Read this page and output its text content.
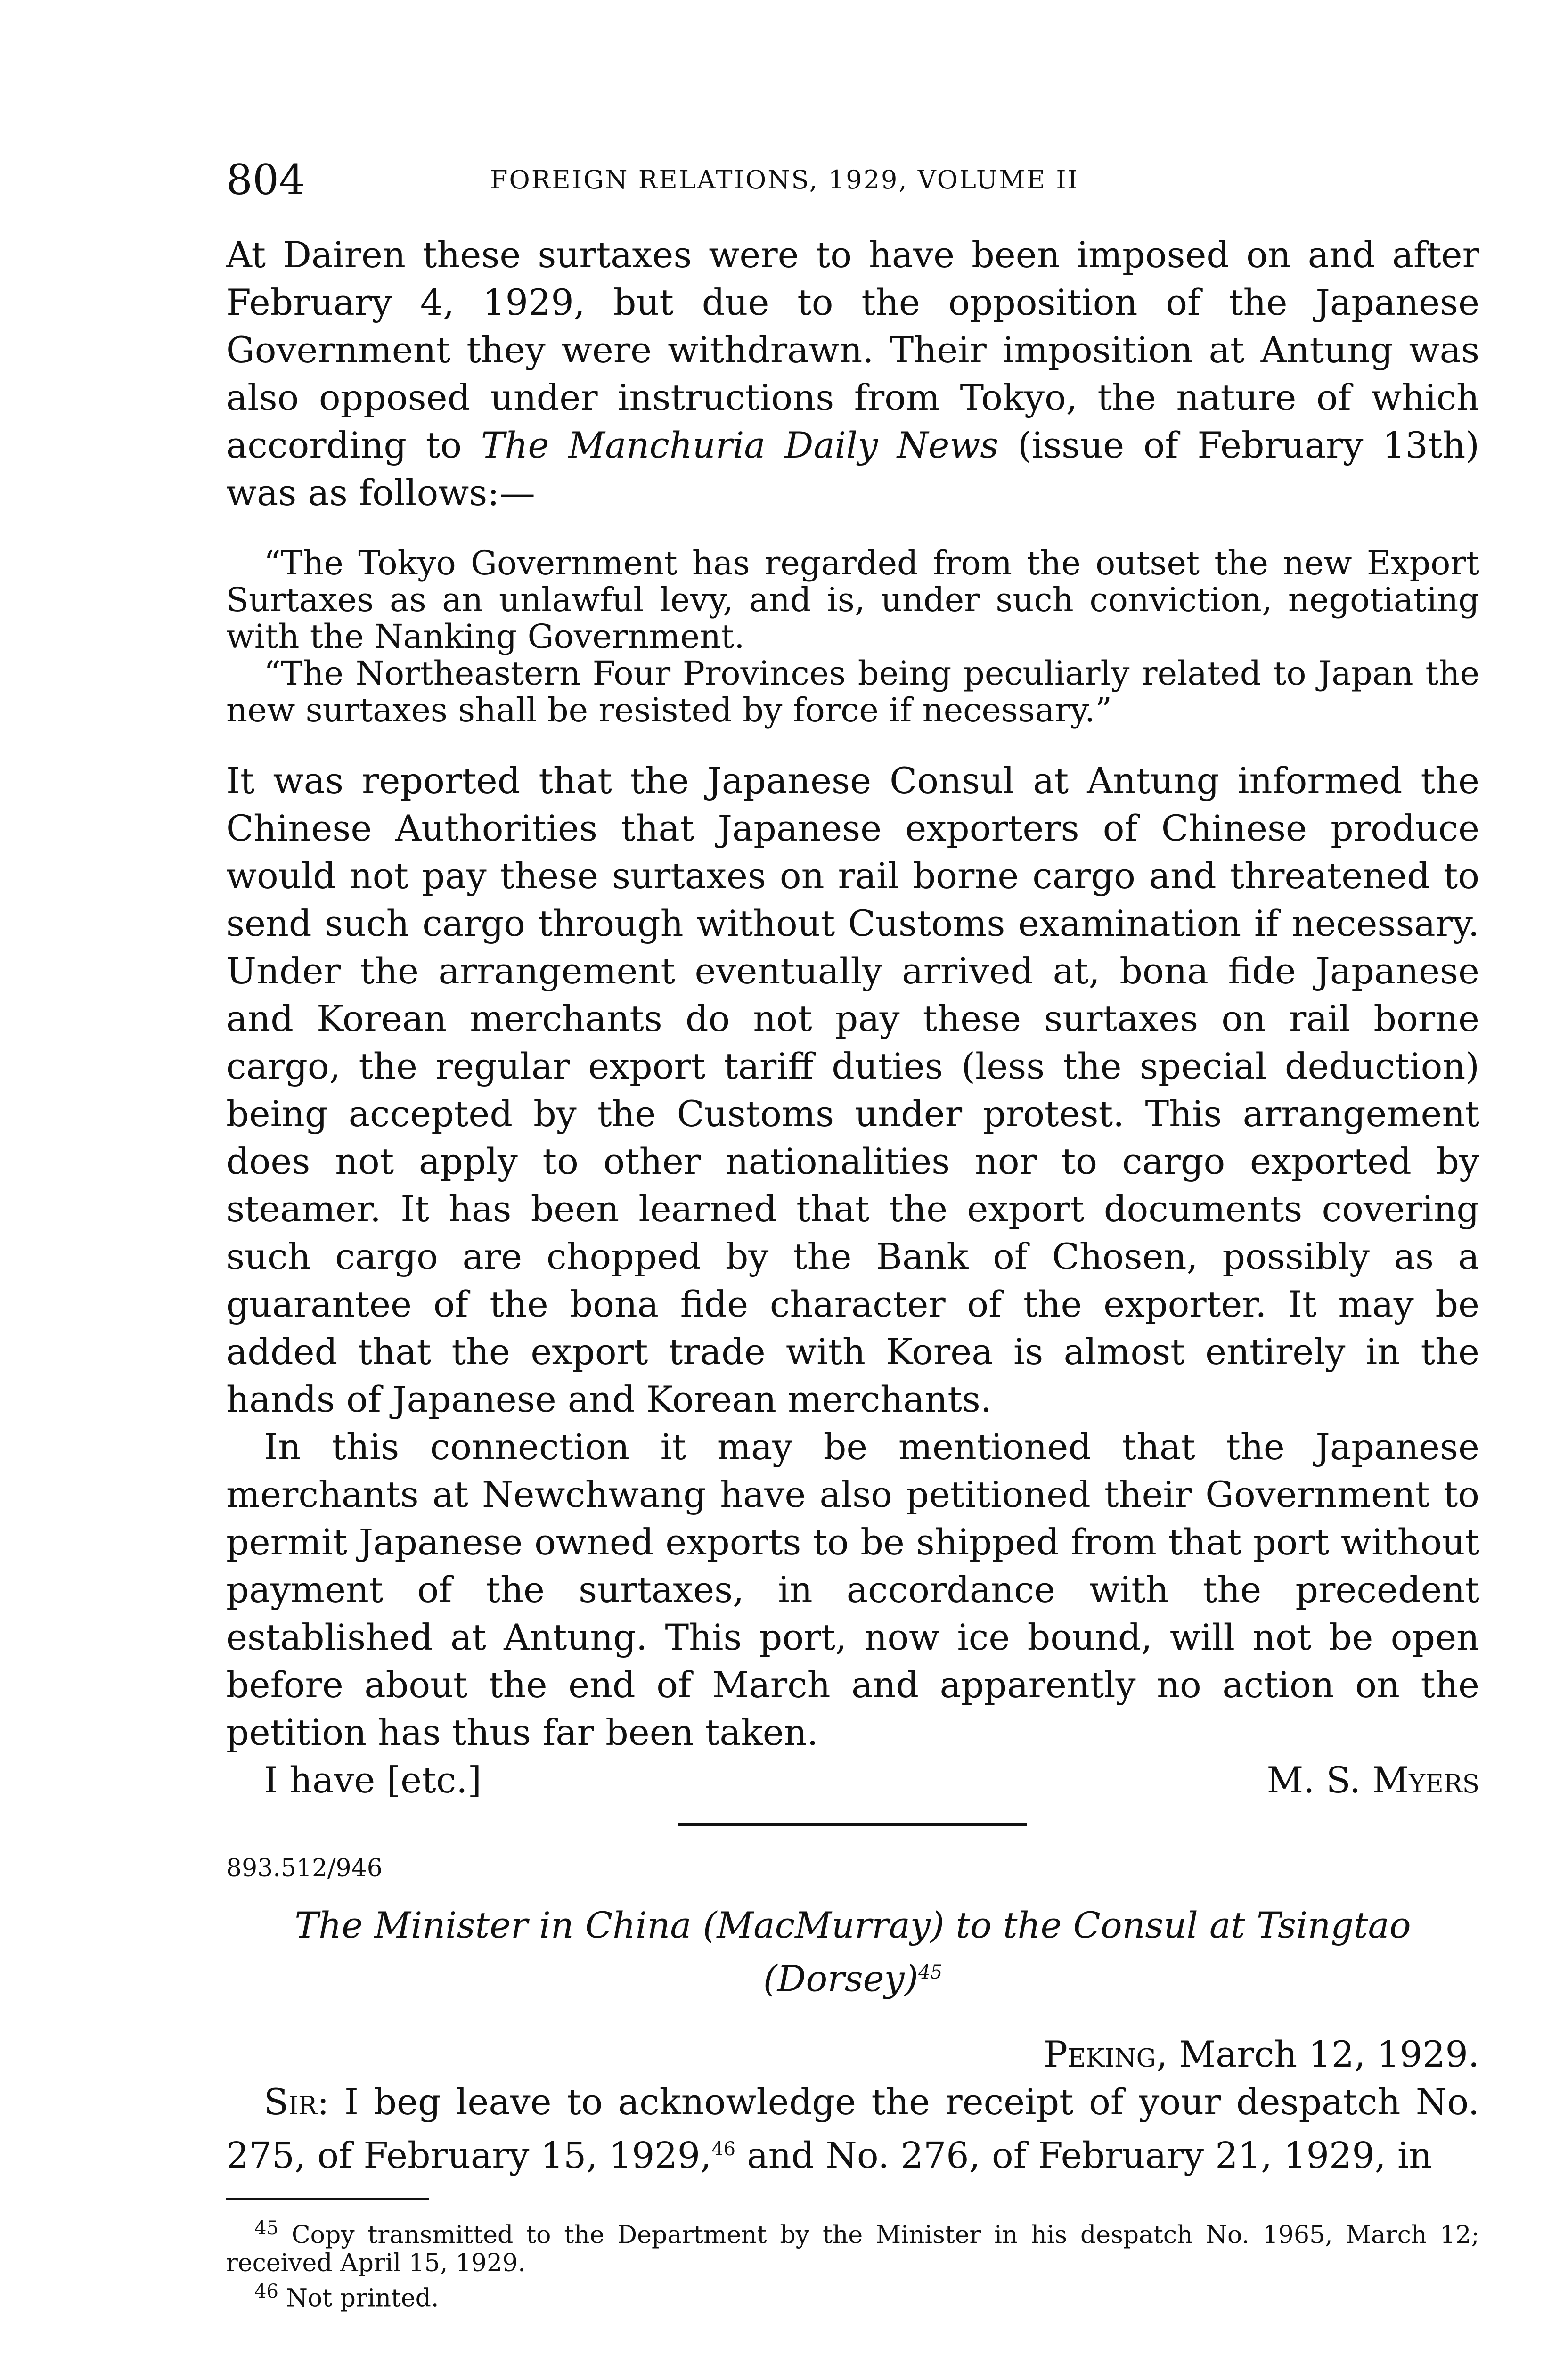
804	FOREIGN RELATIONS, 1929, VOLUME II

At Dairen these surtaxes were to have been imposed on and after February 4, 1929, but due to the opposition of the Japanese Government they were withdrawn. Their imposition at Antung was also opposed under instructions from Tokyo, the nature of which according to The Manchuria Daily News (issue of February 13th) was as follows:—

“The Tokyo Government has regarded from the outset the new Export Surtaxes as an unlawful levy, and is, under such conviction, negotiating with the Nanking Government.

“The Northeastern Four Provinces being peculiarly related to Japan the new surtaxes shall be resisted by force if necessary.”

It was reported that the Japanese Consul at Antung informed the Chinese Authorities that Japanese exporters of Chinese produce would not pay these surtaxes on rail borne cargo and threatened to send such cargo through without Customs examination if necessary. Under the arrangement eventually arrived at, bona fide Japanese and Korean merchants do not pay these surtaxes on rail borne cargo, the regular export tariff duties (less the special deduction) being accepted by the Customs under protest. This arrangement does not apply to other nationalities nor to cargo exported by steamer. It has been learned that the export documents covering such cargo are chopped by the Bank of Chosen, possibly as a guarantee of the bona fide character of the exporter. It may be added that the export trade with Korea is almost entirely in the hands of Japanese and Korean merchants.

In this connection it may be mentioned that the Japanese merchants at Newchwang have also petitioned their Government to permit Japanese owned exports to be shipped from that port without payment of the surtaxes, in accordance with the precedent established at Antung. This port, now ice bound, will not be open before about the end of March and apparently no action on the petition has thus far been taken.

I have [etc.]	M. S. Myers
893.512/946
The Minister in China (MacMurray) to the Consul at Tsingtao (Dorsey)$^{45}$
Peking, March 12, 1929.

Sir: I beg leave to acknowledge the receipt of your despatch No. 275, of February 15, 1929,46 and No. 276, of February 21, 1929, in

$^{45}$ Copy transmitted to the Department by the Minister in his despatch No. 1965, March 12; received April 15, 1929.

$^{46}$ Not printed.
